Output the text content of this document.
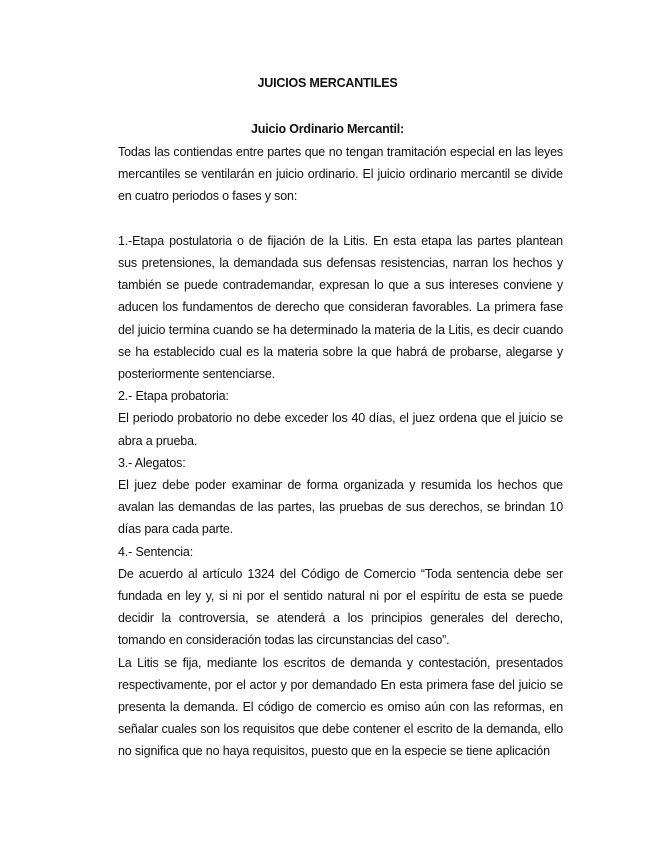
JUICIOS MERCANTILES
Juicio Ordinario Mercantil:

Todas las contiendas entre partes que no tengan tramitación especial en las leyes mercantiles se ventilarán en juicio ordinario. El juicio ordinario mercantil se divide en cuatro periodos o fases y son:

1.-Etapa postulatoria o de fijación de la Litis. En esta etapa las partes plantean sus pretensiones, la demandada sus defensas resistencias, narran los hechos y también se puede contrademandar, expresan lo que a sus intereses conviene y aducen los fundamentos de derecho que consideran favorables. La primera fase del juicio termina cuando se ha determinado la materia de la Litis, es decir cuando se ha establecido cual es la materia sobre la que habrá de probarse, alegarse y posteriormente sentenciarse.

2.- Etapa probatoria:

El periodo probatorio no debe exceder los 40 días, el juez ordena que el juicio se abra a prueba.

3.- Alegatos:

El juez debe poder examinar de forma organizada y resumida los hechos que avalan las demandas de las partes, las pruebas de sus derechos, se brindan 10 días para cada parte.

4.- Sentencia:

De acuerdo al artículo 1324 del Código de Comercio “Toda sentencia debe ser fundada en ley y, si ni por el sentido natural ni por el espíritu de esta se puede decidir la controversia, se atenderá a los principios generales del derecho, tomando en consideración todas las circunstancias del caso”.

La Litis se fija, mediante los escritos de demanda y contestación, presentados respectivamente, por el actor y por demandado En esta primera fase del juicio se presenta la demanda. El código de comercio es omiso aún con las reformas, en señalar cuales son los requisitos que debe contener el escrito de la demanda, ello no significa que no haya requisitos, puesto que en la especie se tiene aplicación
